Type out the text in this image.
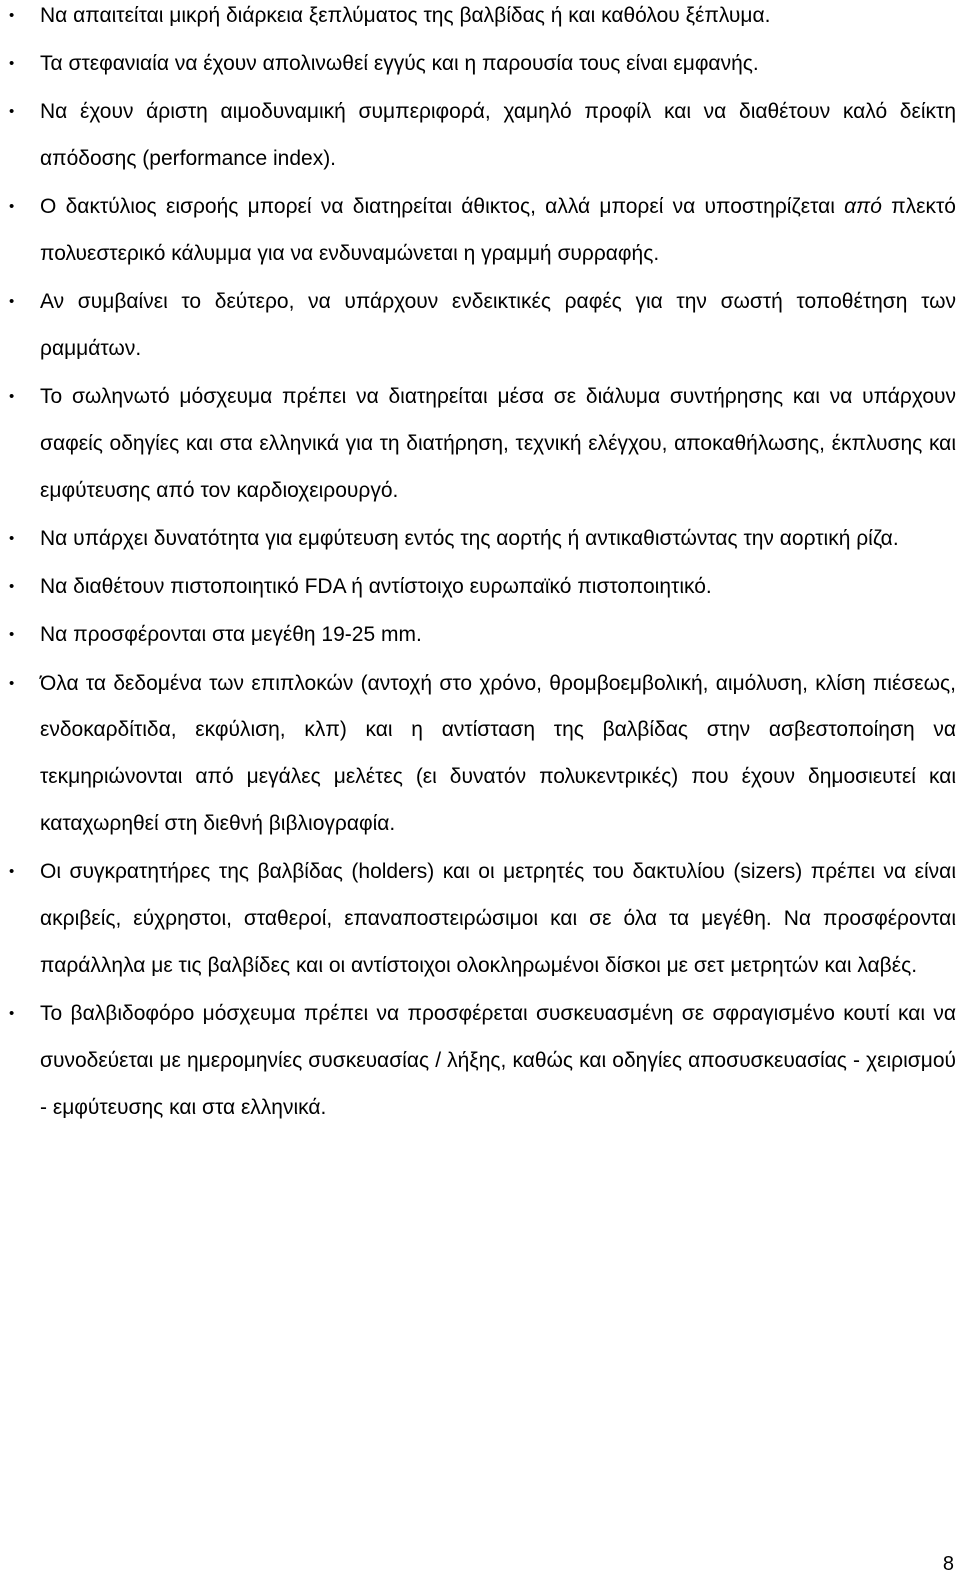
• Να απαιτείται μικρή διάρκεια ξεπλύματος της βαλβίδας ή και καθόλου ξέπλυμα.
• Τα στεφανιαία να έχουν απολινωθεί εγγύς και η παρουσία τους είναι εμφανής.
• Να έχουν άριστη αιμοδυναμική συμπεριφορά, χαμηλό προφίλ και να διαθέτουν καλό δείκτη απόδοσης (performance index).
• Ο δακτύλιος εισροής μπορεί να διατηρείται άθικτος, αλλά μπορεί να υποστηρίζεται από πλεκτό πολυεστερικό κάλυμμα για να ενδυναμώνεται η γραμμή συρραφής.
• Αν συμβαίνει το δεύτερο, να υπάρχουν ενδεικτικές ραφές για την σωστή τοποθέτηση των ραμμάτων.
• Το σωληνωτό μόσχευμα πρέπει να διατηρείται μέσα σε διάλυμα συντήρησης και να υπάρχουν σαφείς οδηγίες και στα ελληνικά για τη διατήρηση, τεχνική ελέγχου, αποκαθήλωσης, έκπλυσης και εμφύτευσης από τον καρδιοχειρουργό.
• Να υπάρχει δυνατότητα για εμφύτευση εντός της αορτής ή αντικαθιστώντας την αορτική ρίζα.
• Να διαθέτουν πιστοποιητικό FDA ή αντίστοιχο ευρωπαϊκό πιστοποιητικό.
• Να προσφέρονται στα μεγέθη 19-25 mm.
• Όλα τα δεδομένα των επιπλοκών (αντοχή στο χρόνο, θρομβοεμβολική, αιμόλυση, κλίση πιέσεως, ενδοκαρδίτιδα, εκφύλιση, κλπ) και η αντίσταση της βαλβίδας στην ασβεστοποίηση να τεκμηριώνονται από μεγάλες μελέτες (ει δυνατόν πολυκεντρικές) που έχουν δημοσιευτεί και καταχωρηθεί στη διεθνή βιβλιογραφία.
• Οι συγκρατητήρες της βαλβίδας (holders) και οι μετρητές του δακτυλίου (sizers) πρέπει να είναι ακριβείς, εύχρηστοι, σταθεροί, επαναποστειρώσιμοι και σε όλα τα μεγέθη. Να προσφέρονται παράλληλα με τις βαλβίδες και οι αντίστοιχοι ολοκληρωμένοι δίσκοι με σετ μετρητών και λαβές.
• Το βαλβιδοφόρο μόσχευμα πρέπει να προσφέρεται συσκευασμένη σε σφραγισμένο κουτί και να συνοδεύεται με ημερομηνίες συσκευασίας / λήξης, καθώς και οδηγίες αποσυσκευασίας - χειρισμού - εμφύτευσης και στα ελληνικά.
8
